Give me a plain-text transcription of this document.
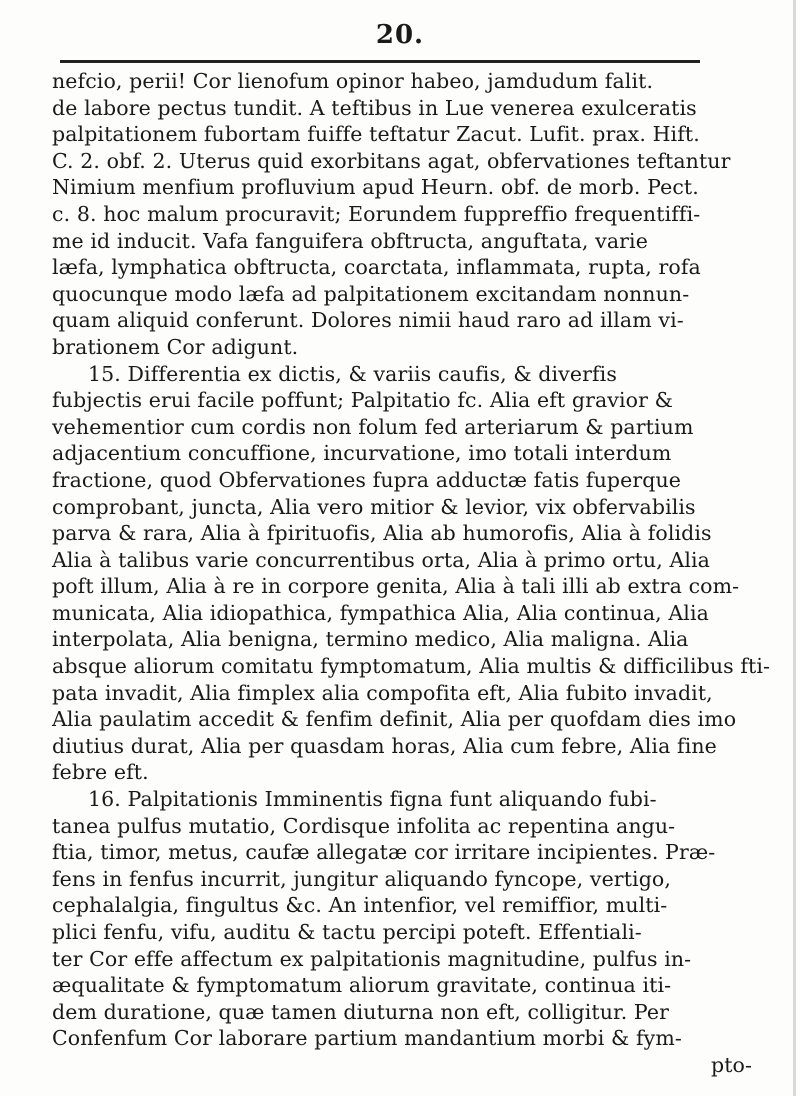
20.
nefcio, perii! Cor lienofum opinor habeo, jamdudum falit.
de labore pectus tundit. A teftibus in Lue venerea exulceratis
palpitationem fubortam fuiffe teftatur Zacut. Lufit. prax. Hift.
C. 2. obf. 2. Uterus quid exorbitans agat, obfervationes teftantur
Nimium menfium profluvium apud Heurn. obf. de morb. Pect.
c. 8. hoc malum procuravit; Eorundem fuppreffio frequentiffi-
me id inducit. Vafa fanguifera obftructa, anguftata, varie
læfa, lymphatica obftructa, coarctata, inflammata, rupta, rofa
quocunque modo læfa ad palpitationem excitandam nonnun-
quam aliquid conferunt. Dolores nimii haud raro ad illam vi-
brationem Cor adigunt.
15. Differentia ex dictis, & variis caufis, & diverfis
fubjectis erui facile poffunt; Palpitatio fc. Alia eft gravior &
vehementior cum cordis non folum fed arteriarum & partium
adjacentium concuffione, incurvatione, imo totali interdum
fractione, quod Obfervationes fupra adductæ fatis fuperque
comprobant, juncta, Alia vero mitior & levior, vix obfervabilis
parva & rara, Alia à fpirituofis, Alia ab humorofis, Alia à folidis
Alia à talibus varie concurrentibus orta, Alia à primo ortu, Alia
poft illum, Alia à re in corpore genita, Alia à tali illi ab extra com-
municata, Alia idiopathica, fympathica Alia, Alia continua, Alia
interpolata, Alia benigna, termino medico, Alia maligna. Alia
absque aliorum comitatu fymptomatum, Alia multis & difficilibus fti-
pata invadit, Alia fimplex alia compofita eft, Alia fubito invadit,
Alia paulatim accedit & fenfim definit, Alia per quofdam dies imo
diutius durat, Alia per quasdam horas, Alia cum febre, Alia fine
febre eft.
16. Palpitationis Imminentis figna funt aliquando fubi-
tanea pulfus mutatio, Cordisque infolita ac repentina angu-
ftia, timor, metus, caufæ allegatæ cor irritare incipientes. Præ-
fens in fenfus incurrit, jungitur aliquando fyncope, vertigo,
cephalalgia, fingultus &c. An intenfior, vel remiffior, multi-
plici fenfu, vifu, auditu & tactu percipi poteft. Effentiali-
ter Cor effe affectum ex palpitationis magnitudine, pulfus in-
æqualitate & fymptomatum aliorum gravitate, continua iti-
dem duratione, quæ tamen diuturna non eft, colligitur. Per
Confenfum Cor laborare partium mandantium morbi & fym-
pto-
